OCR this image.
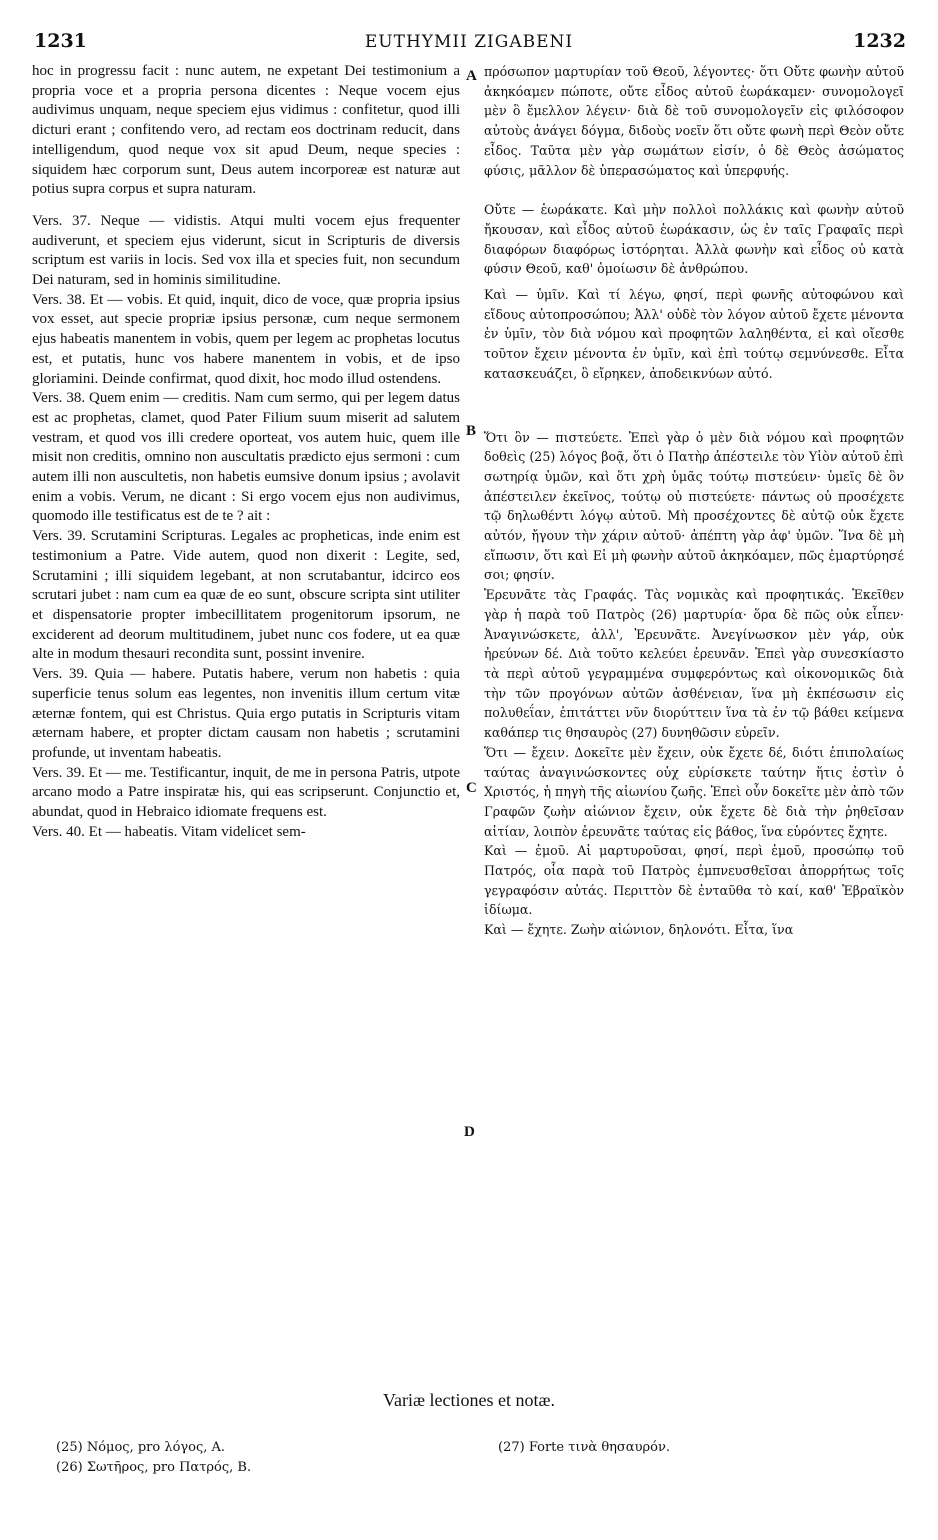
1231	EUTHYMII ZIGABENI	1232

hoc in progressu facit : nunc autem, ne expetant Dei testimonium a propria voce et a propria persona dicentes : Neque vocem ejus audivimus unquam, neque speciem ejus vidimus : confitetur, quod illi dicturi erant ; confitendo vero, ad rectam eos doctrinam reducit, dans intelligendum, quod neque vox sit apud Deum, neque species : siquidem hæc corporum sunt, Deus autem incorporeæ est naturæ aut potius supra corpus et supra naturam.

Vers. 37. Neque — vidistis. Atqui multi vocem ejus frequenter audiverunt, et speciem ejus viderunt, sicut in Scripturis de diversis scriptum est variis in locis. Sed vox illa et species fuit, non secundum Dei naturam, sed in hominis similitudine.

Vers. 38. Et — vobis. Et quid, inquit, dico de voce, quæ propria ipsius vox esset, aut specie propriæ ipsius personæ, cum neque sermonem ejus habeatis manentem in vobis, quem per legem ac prophetas locutus est, et putatis, hunc vos habere manentem in vobis, et de ipso gloriamini. Deinde confirmat, quod dixit, hoc modo illud ostendens.

Vers. 38. Quem enim — creditis. Nam cum sermo, qui per legem datus est ac prophetas, clamet, quod Pater Filium suum miserit ad salutem vestram, et quod vos illi credere oporteat, vos autem huic, quem ille misit non creditis, omnino non auscultatis prædicto ejus sermoni : cum autem illi non auscultetis, non habetis eumsive donum ipsius ; avolavit enim a vobis. Verum, ne dicant : Si ergo vocem ejus non audivimus, quomodo ille testificatus est de te ? ait :

Vers. 39. Scrutamini Scripturas. Legales ac propheticas, inde enim est testimonium a Patre. Vide autem, quod non dixerit : Legite, sed, Scrutamini ; illi siquidem legebant, at non scrutabantur, idcirco eos scrutari jubet : nam cum ea quæ de eo sunt, obscure scripta sint utiliter et dispensatorie propter imbecillitatem progenitorum ipsorum, ne exciderent ad deorum multitudinem, jubet nunc cos fodere, ut ea quæ alte in modum thesauri recondita sunt, possint invenire.

Vers. 39. Quia — habere. Putatis habere, verum non habetis : quia superficie tenus solum eas legentes, non invenitis illum certum vitæ æternæ fontem, qui est Christus. Quia ergo putatis in Scripturis vitam æternam habere, et propter dictam causam non habetis ; scrutamini profunde, ut inventam habeatis.

Vers. 39. Et — me. Testificantur, inquit, de me in persona Patris, utpote arcano modo a Patre inspiratæ his, qui eas scripserunt. Conjunctio et, abundat, quod in Hebraico idiomate frequens est.

Vers. 40. Et — habeatis. Vitam videlicet sem-

πρόσωπον μαρτυρίαν τοῦ Θεοῦ, λέγοντες· ὅτι Οὔτε φωνὴν αὐτοῦ ἀκηκόαμεν πώποτε, οὔτε εἶδος αὐτοῦ ἑωράκαμεν· συνομολογεῖ μὲν ὃ ἔμελλον λέγειν· διὰ δὲ τοῦ συνομολογεῖν εἰς φιλόσοφον αὐτοὺς ἀνάγει δόγμα, διδοὺς νοεῖν ὅτι οὔτε φωνὴ περὶ Θεὸν οὔτε εἶδος. Ταῦτα μὲν γὰρ σωμάτων εἰσίν, ὁ δὲ Θεὸς ἀσώματος φύσις, μᾶλλον δὲ ὑπερασώματος καὶ ὑπερφυής.

Οὔτε — ἑωράκατε. Καὶ μὴν πολλοὶ πολλάκις καὶ φωνὴν αὐτοῦ ἤκουσαν, καὶ εἶδος αὐτοῦ ἑωράκασιν, ὡς ἐν ταῖς Γραφαῖς περὶ διαφόρων διαφόρως ἱστόρηται. Ἀλλὰ φωνὴν καὶ εἶδος οὐ κατὰ φύσιν Θεοῦ, καθ' ὁμοίωσιν δὲ ἀνθρώπου.

Καὶ — ὑμῖν. Καὶ τί λέγω, φησί, περὶ φωνῆς αὐτοφώνου καὶ εἴδους αὐτοπροσώπου; Ἀλλ' οὐδὲ τὸν λόγον αὐτοῦ ἔχετε μένοντα ἐν ὑμῖν, τὸν διὰ νόμου καὶ προφητῶν λαληθέντα, εἰ καὶ οἴεσθε τοῦτον ἔχειν μένοντα ἐν ὑμῖν, καὶ ἐπὶ τούτῳ σεμνύνεσθε. Εἶτα κατασκευάζει, ὃ εἴρηκεν, ἀποδεικνύων αὐτό.

Ὅτι ὃν — πιστεύετε. Ἐπεὶ γὰρ ὁ μὲν διὰ νόμου καὶ προφητῶν δοθεὶς (25) λόγος βοᾷ, ὅτι ὁ Πατὴρ ἀπέστειλε τὸν Υἱὸν αὐτοῦ ἐπὶ σωτηρίᾳ ὑμῶν, καὶ ὅτι χρὴ ὑμᾶς τούτῳ πιστεύειν· ὑμεῖς δὲ ὃν ἀπέστειλεν ἐκεῖνος, τούτῳ οὐ πιστεύετε· πάντως οὐ προσέχετε τῷ δηλωθέντι λόγῳ αὐτοῦ. Μὴ προσέχοντες δὲ αὐτῷ οὐκ ἔχετε αὐτόν, ἤγουν τὴν χάριν αὐτοῦ· ἀπέπτη γὰρ ἀφ' ὑμῶν. Ἵνα δὲ μὴ εἴπωσιν, ὅτι καὶ Εἰ μὴ φωνὴν αὐτοῦ ἀκηκόαμεν, πῶς ἐμαρτύρησέ σοι; φησίν.

Ἐρευνᾶτε τὰς Γραφάς. Τὰς νομικὰς καὶ προφητικάς. Ἐκεῖθεν γὰρ ἡ παρὰ τοῦ Πατρὸς (26) μαρτυρία· ὅρα δὲ πῶς οὐκ εἶπεν· Ἀναγινώσκετε, ἀλλ', Ἐρευνᾶτε. Ἀνεγίνωσκον μὲν γάρ, οὐκ ἠρεύνων δέ. Διὰ τοῦτο κελεύει ἐρευνᾶν. Ἐπεὶ γὰρ συνεσκίαστο τὰ περὶ αὐτοῦ γεγραμμένα συμφερόντως καὶ οἰκονομικῶς διὰ τὴν τῶν προγόνων αὐτῶν ἀσθένειαν, ἵνα μὴ ἐκπέσωσιν εἰς πολυθεΐαν, ἐπιτάττει νῦν διορύττειν ἵνα τὰ ἐν τῷ βάθει κείμενα καθάπερ τις θησαυρὸς (27) δυνηθῶσιν εὑρεῖν.

Ὅτι — ἔχειν. Δοκεῖτε μὲν ἔχειν, οὐκ ἔχετε δέ, διότι ἐπιπολαίως ταύτας ἀναγινώσκοντες οὐχ εὑρίσκετε ταύτην ἥτις ἐστὶν ὁ Χριστός, ἡ πηγὴ τῆς αἰωνίου ζωῆς. Ἐπεὶ οὖν δοκεῖτε μὲν ἀπὸ τῶν Γραφῶν ζωὴν αἰώνιον ἔχειν, οὐκ ἔχετε δὲ διὰ τὴν ῥηθεῖσαν αἰτίαν, λοιπὸν ἐρευνᾶτε ταύτας εἰς βάθος, ἵνα εὑρόντες ἔχητε.

Καὶ — ἐμοῦ. Αἱ μαρτυροῦσαι, φησί, περὶ ἐμοῦ, προσώπῳ τοῦ Πατρός, οἷα παρὰ τοῦ Πατρὸς ἐμπνευσθεῖσαι ἀπορρήτως τοῖς γεγραφόσιν αὐτάς. Περιττὸν δὲ ἐνταῦθα τὸ καί, καθ' Ἑβραϊκὸν ἰδίωμα.

Καὶ — ἔχητε. Ζωὴν αἰώνιον, δηλονότι. Εἶτα, ἵνα

A
B
C
D
Variæ lectiones et notæ.
(25) Νόμος, pro λόγος, A.
(26) Σωτῆρος, pro Πατρός, B.
(27) Forte τινὰ θησαυρόν.
